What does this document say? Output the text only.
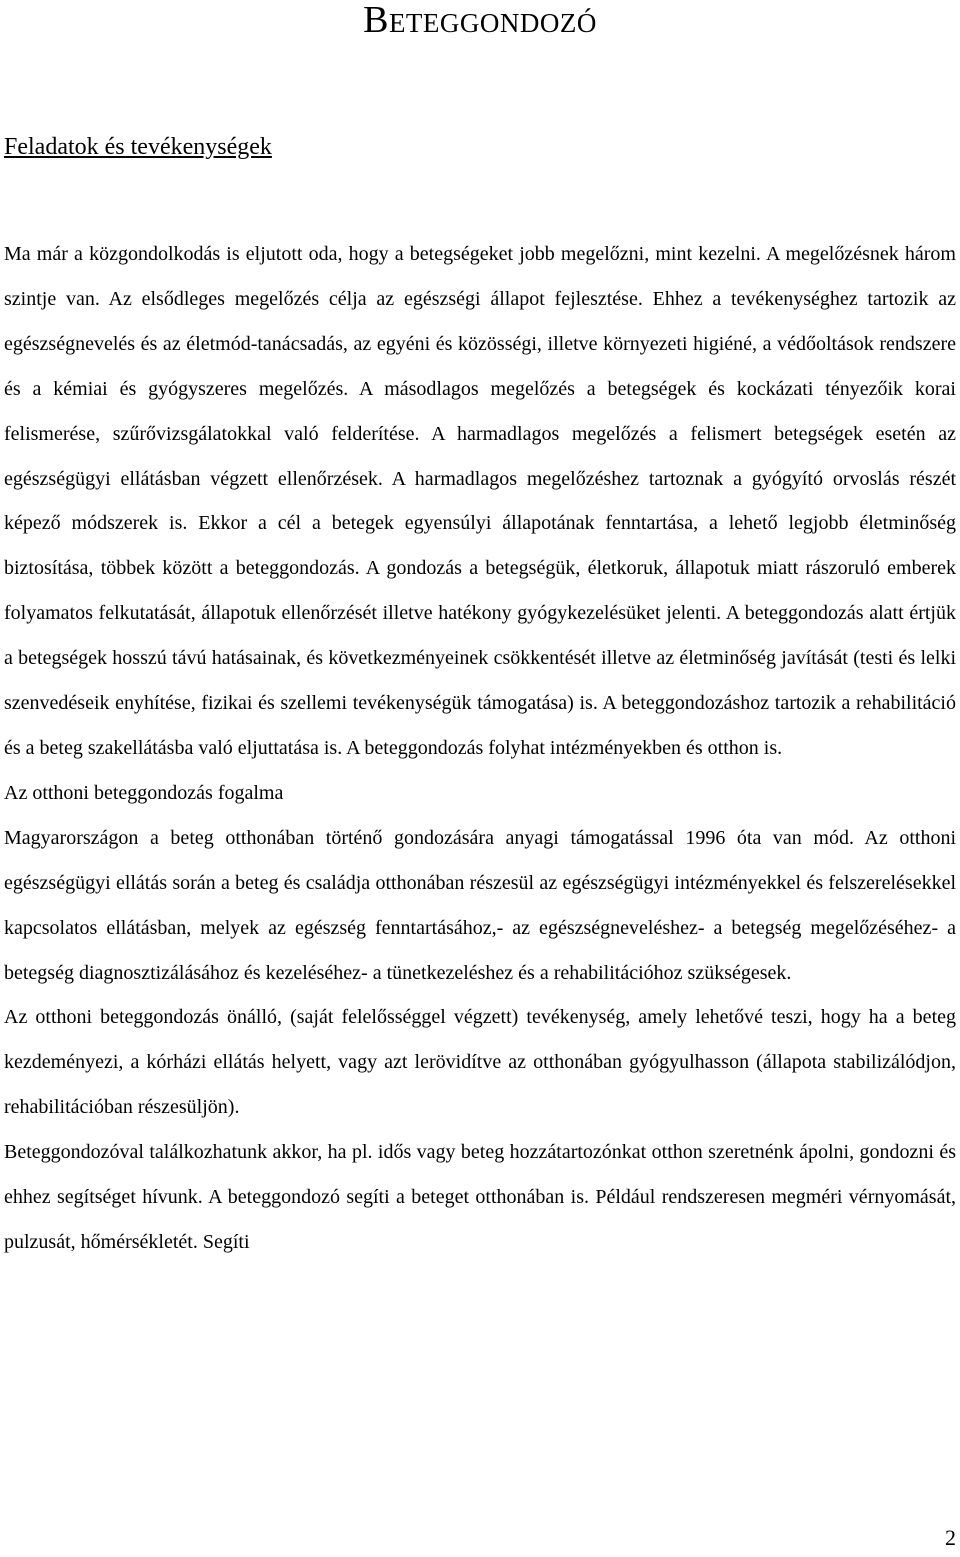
Beteggondozó
Feladatok és tevékenységek

Ma már a közgondolkodás is eljutott oda, hogy a betegségeket jobb megelőzni, mint kezelni. A megelőzésnek három szintje van. Az elsődleges megelőzés célja az egészségi állapot fejlesztése. Ehhez a tevékenységhez tartozik az egészségnevelés és az életmód-tanácsadás, az egyéni és közösségi, illetve környezeti higiéné, a védőoltások rendszere és a kémiai és gyógyszeres megelőzés. A másodlagos megelőzés a betegségek és kockázati tényezőik korai felismerése, szűrővizsgálatokkal való felderítése. A harmadlagos megelőzés a felismert betegségek esetén az egészségügyi ellátásban végzett ellenőrzések. A harmadlagos megelőzéshez tartoznak a gyógyító orvoslás részét képező módszerek is. Ekkor a cél a betegek egyensúlyi állapotának fenntartása, a lehető legjobb életminőség biztosítása, többek között a beteggondozás. A gondozás a betegségük, életkoruk, állapotuk miatt rászoruló emberek folyamatos felkutatását, állapotuk ellenőrzését illetve hatékony gyógykezelésüket jelenti. A beteggondozás alatt értjük a betegségek hosszú távú hatásainak, és következményeinek csökkentését illetve az életminőség javítását (testi és lelki szenvedéseik enyhítése, fizikai és szellemi tevékenységük támogatása) is. A beteggondozáshoz tartozik a rehabilitáció és a beteg szakellátásba való eljuttatása is. A beteggondozás folyhat intézményekben és otthon is.

Az otthoni beteggondozás fogalma

Magyarországon a beteg otthonában történő gondozására anyagi támogatással 1996 óta van mód. Az otthoni egészségügyi ellátás során a beteg és családja otthonában részesül az egészségügyi intézményekkel és felszerelésekkel kapcsolatos ellátásban, melyek az egészség fenntartásához,- az egészségneveléshez- a betegség megelőzéséhez- a betegség diagnosztizálásához és kezeléséhez- a tünetkezeléshez és a rehabilitációhoz szükségesek.

Az otthoni beteggondozás önálló, (saját felelősséggel végzett) tevékenység, amely lehetővé teszi, hogy ha a beteg kezdeményezi, a kórházi ellátás helyett, vagy azt lerövidítve az otthonában gyógyulhasson (állapota stabilizálódjon, rehabilitációban részesüljön).

Beteggondozóval találkozhatunk akkor, ha pl. idős vagy beteg hozzátartozónkat otthon szeretnénk ápolni, gondozni és ehhez segítséget hívunk. A beteggondozó segíti a beteget otthonában is. Például rendszeresen megméri vérnyomását, pulzusát, hőmérsékletét. Segíti

2
